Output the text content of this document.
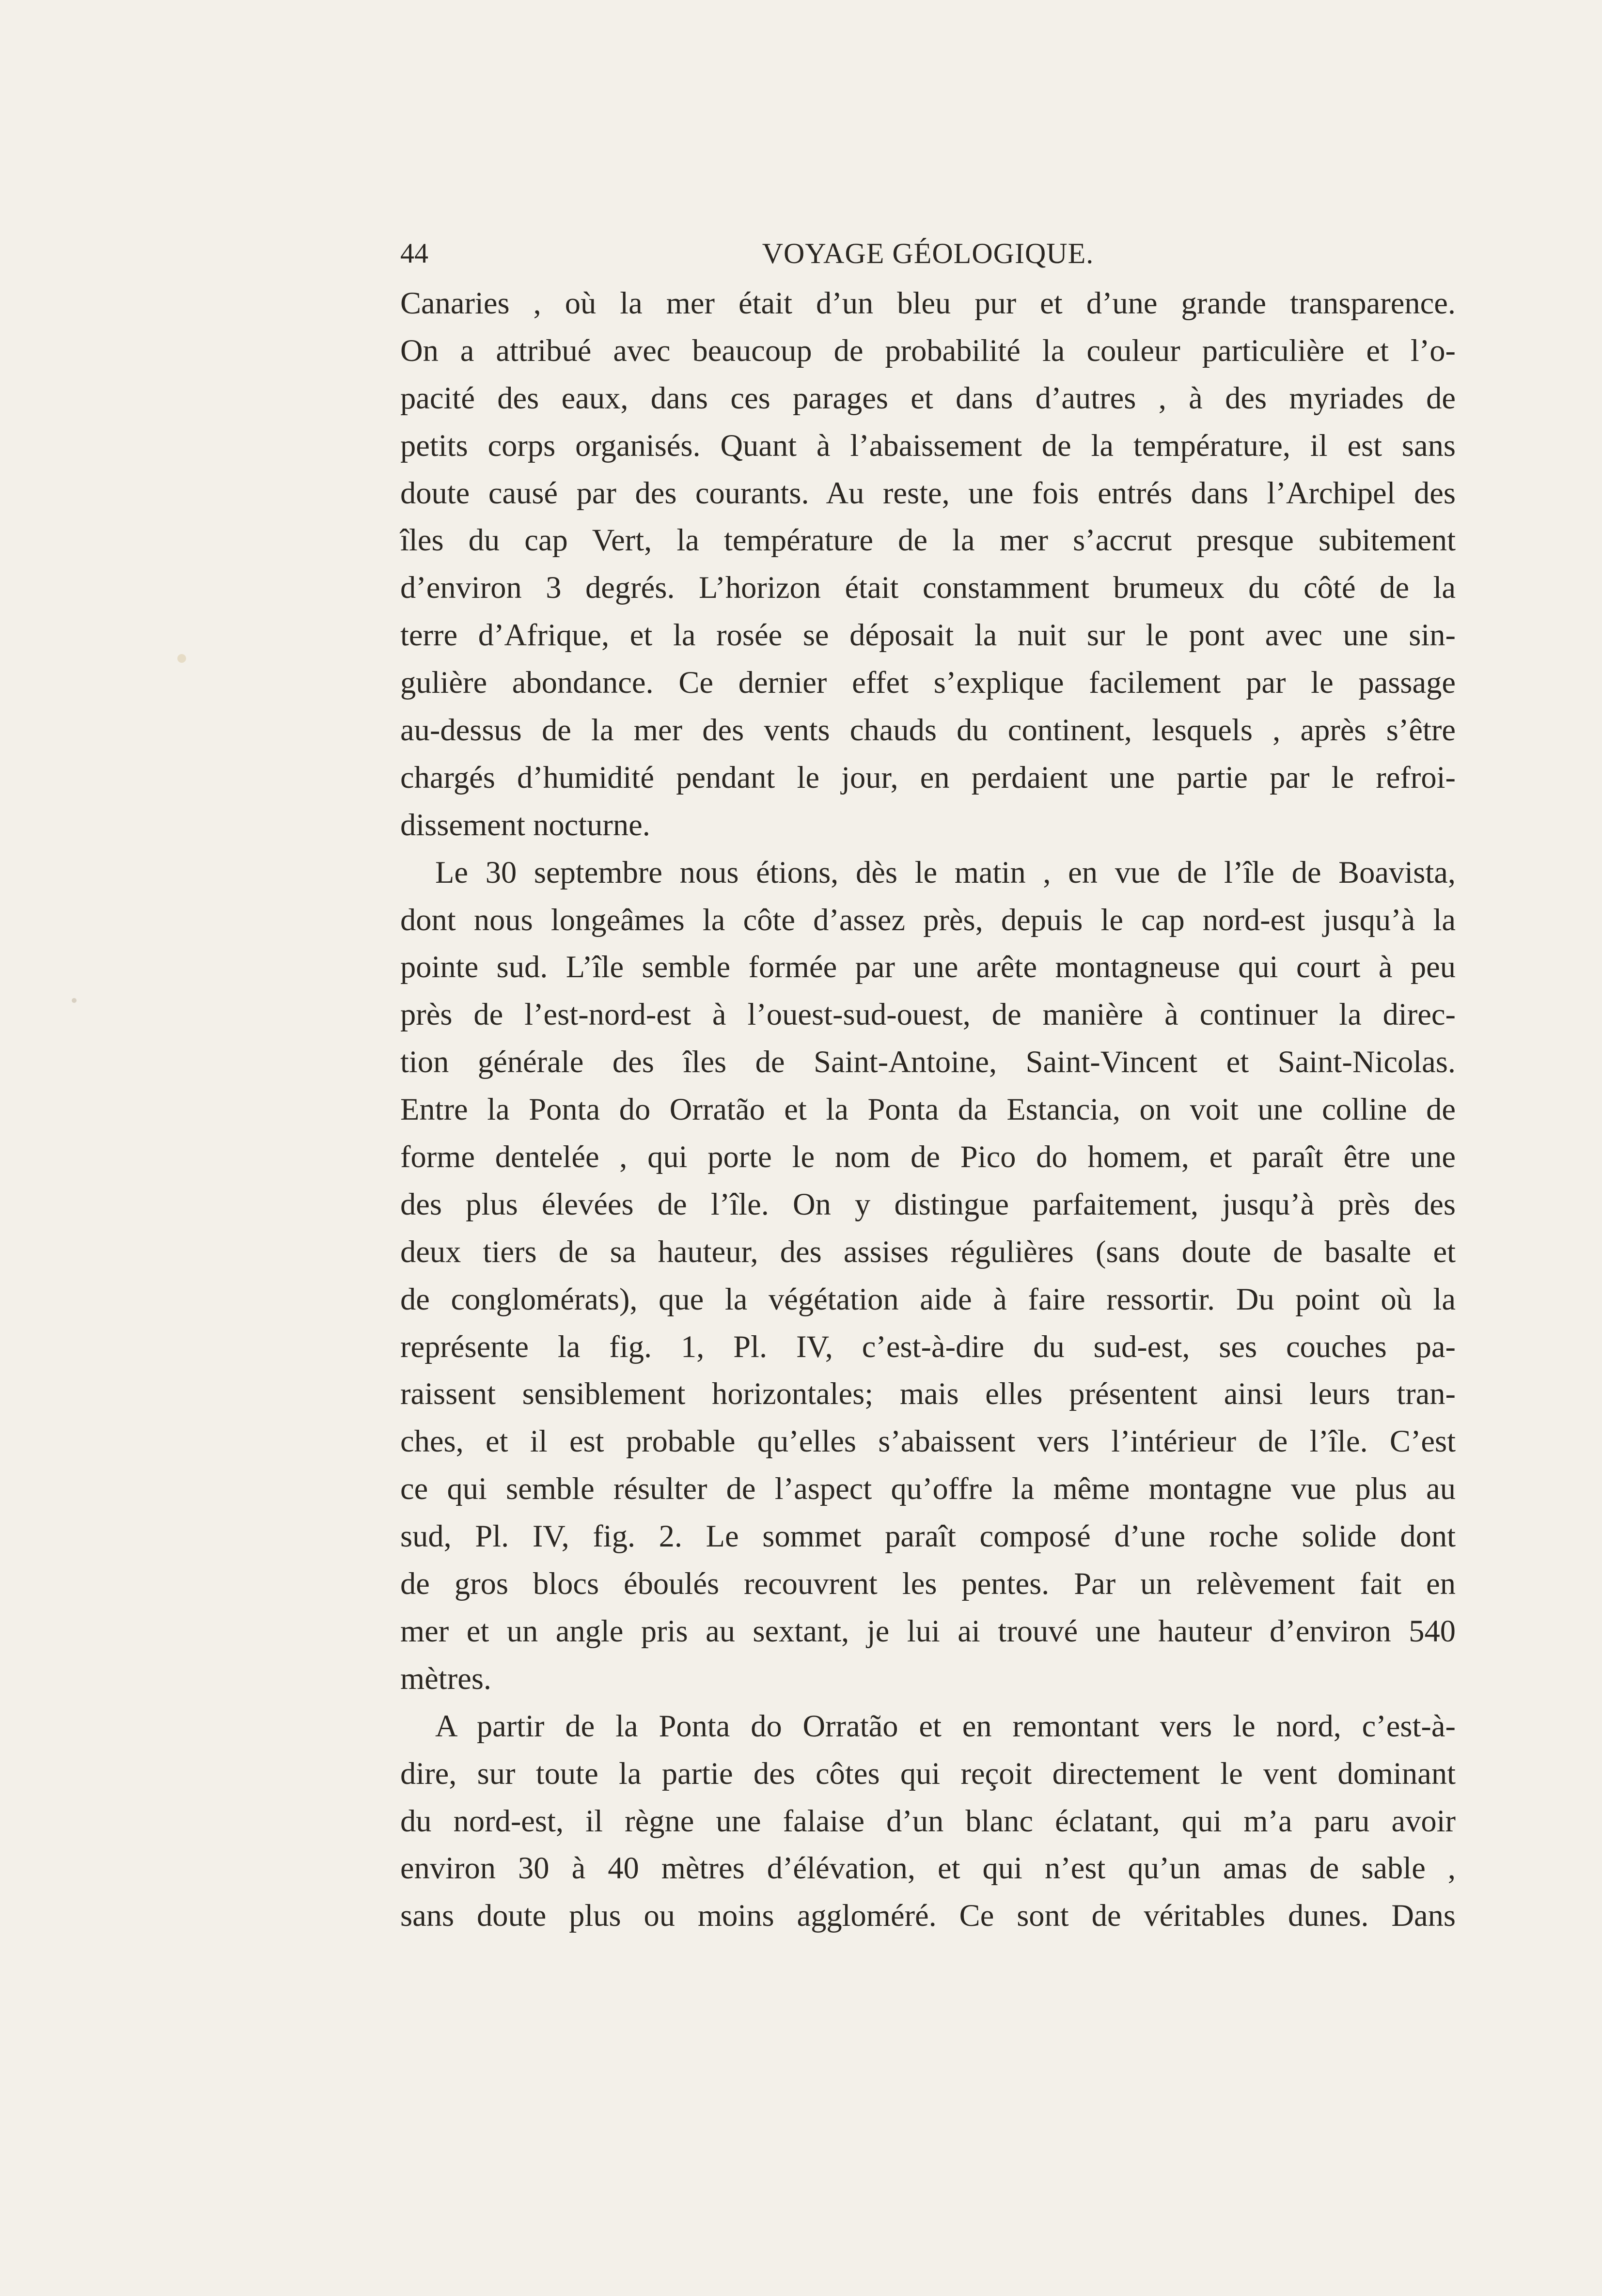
44	VOYAGE GÉOLOGIQUE.
Canaries , où la mer était d’un bleu pur et d’une grande transparence.
On a attribué avec beaucoup de probabilité la couleur particulière et l’o-
pacité des eaux, dans ces parages et dans d’autres , à des myriades de
petits corps organisés. Quant à l’abaissement de la température, il est sans
doute causé par des courants. Au reste, une fois entrés dans l’Archipel des
îles du cap Vert, la température de la mer s’accrut presque subitement
d’environ 3 degrés. L’horizon était constamment brumeux du côté de la
terre d’Afrique, et la rosée se déposait la nuit sur le pont avec une sin-
gulière abondance. Ce dernier effet s’explique facilement par le passage
au-dessus de la mer des vents chauds du continent, lesquels , après s’être
chargés d’humidité pendant le jour, en perdaient une partie par le refroi-
dissement nocturne.
Le 30 septembre nous étions, dès le matin , en vue de l’île de Boavista,
dont nous longeâmes la côte d’assez près, depuis le cap nord-est jusqu’à la
pointe sud. L’île semble formée par une arête montagneuse qui court à peu
près de l’est-nord-est à l’ouest-sud-ouest, de manière à continuer la direc-
tion générale des îles de Saint-Antoine, Saint-Vincent et Saint-Nicolas.
Entre la Ponta do Orratão et la Ponta da Estancia, on voit une colline de
forme dentelée , qui porte le nom de Pico do homem, et paraît être une
des plus élevées de l’île. On y distingue parfaitement, jusqu’à près des
deux tiers de sa hauteur, des assises régulières (sans doute de basalte et
de conglomérats), que la végétation aide à faire ressortir. Du point où la
représente la fig. 1, Pl. IV, c’est-à-dire du sud-est, ses couches pa-
raissent sensiblement horizontales; mais elles présentent ainsi leurs tran-
ches, et il est probable qu’elles s’abaissent vers l’intérieur de l’île. C’est
ce qui semble résulter de l’aspect qu’offre la même montagne vue plus au
sud, Pl. IV, fig. 2. Le sommet paraît composé d’une roche solide dont
de gros blocs éboulés recouvrent les pentes. Par un relèvement fait en
mer et un angle pris au sextant, je lui ai trouvé une hauteur d’environ 540
mètres.
A partir de la Ponta do Orratão et en remontant vers le nord, c’est-à-
dire, sur toute la partie des côtes qui reçoit directement le vent dominant
du nord-est, il règne une falaise d’un blanc éclatant, qui m’a paru avoir
environ 30 à 40 mètres d’élévation, et qui n’est qu’un amas de sable ,
sans doute plus ou moins aggloméré. Ce sont de véritables dunes. Dans
